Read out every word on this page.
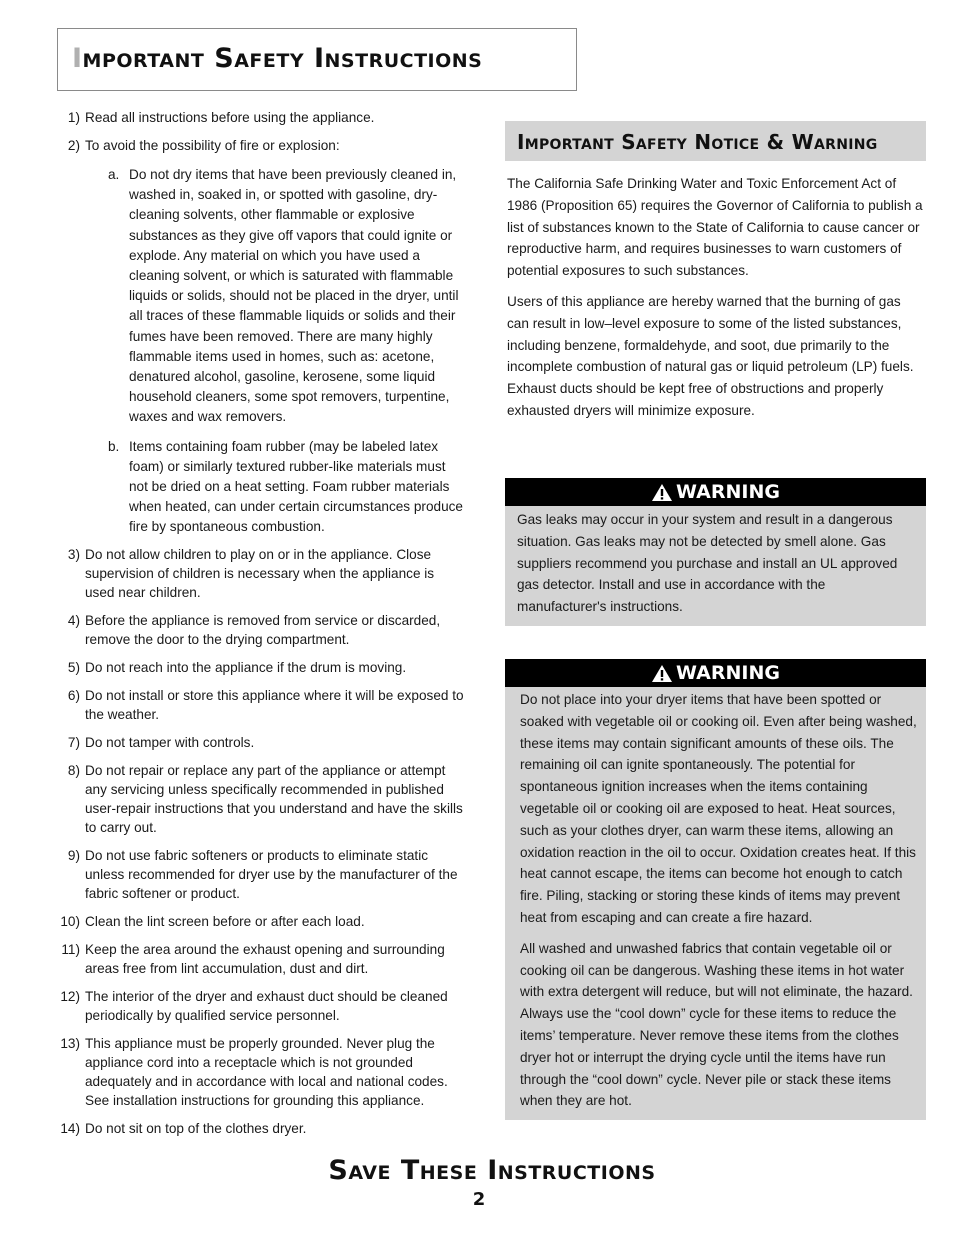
Important Safety Instructions
1) Read all instructions before using the appliance.
2) To avoid the possibility of fire or explosion:
a. Do not dry items that have been previously cleaned in, washed in, soaked in, or spotted with gasoline, dry-cleaning solvents, other flammable or explosive substances as they give off vapors that could ignite or explode. Any material on which you have used a cleaning solvent, or which is saturated with flammable liquids or solids, should not be placed in the dryer, until all traces of these flammable liquids or solids and their fumes have been removed. There are many highly flammable items used in homes, such as: acetone, denatured alcohol, gasoline, kerosene, some liquid household cleaners, some spot removers, turpentine, waxes and wax removers.
b. Items containing foam rubber (may be labeled latex foam) or similarly textured rubber-like materials must not be dried on a heat setting. Foam rubber materials when heated, can under certain circumstances produce fire by spontaneous combustion.
3) Do not allow children to play on or in the appliance. Close supervision of children is necessary when the appliance is used near children.
4) Before the appliance is removed from service or discarded, remove the door to the drying compartment.
5) Do not reach into the appliance if the drum is moving.
6) Do not install or store this appliance where it will be exposed to the weather.
7) Do not tamper with controls.
8) Do not repair or replace any part of the appliance or attempt any servicing unless specifically recommended in published user-repair instructions that you understand and have the skills to carry out.
9) Do not use fabric softeners or products to eliminate static unless recommended for dryer use by the manufacturer of the fabric softener or product.
10) Clean the lint screen before or after each load.
11) Keep the area around the exhaust opening and surrounding areas free from lint accumulation, dust and dirt.
12) The interior of the dryer and exhaust duct should be cleaned periodically by qualified service personnel.
13) This appliance must be properly grounded. Never plug the appliance cord into a receptacle which is not grounded adequately and in accordance with local and national codes. See installation instructions for grounding this appliance.
14) Do not sit on top of the clothes dryer.
Important Safety Notice & Warning

The California Safe Drinking Water and Toxic Enforcement Act of 1986 (Proposition 65) requires the Governor of California to publish a list of substances known to the State of California to cause cancer or reproductive harm, and requires businesses to warn customers of potential exposures to such substances.

Users of this appliance are hereby warned that the burning of gas can result in low–level exposure to some of the listed substances, including benzene, formaldehyde, and soot, due primarily to the incomplete combustion of natural gas or liquid petroleum (LP) fuels. Exhaust ducts should be kept free of obstructions and properly exhausted dryers will minimize exposure.

WARNING

Gas leaks may occur in your system and result in a dangerous situation. Gas leaks may not be detected by smell alone. Gas suppliers recommend you purchase and install an UL approved gas detector. Install and use in accordance with the manufacturer's instructions.

WARNING

Do not place into your dryer items that have been spotted or soaked with vegetable oil or cooking oil. Even after being washed, these items may contain significant amounts of these oils. The remaining oil can ignite spontaneously. The potential for spontaneous ignition increases when the items containing vegetable oil or cooking oil are exposed to heat. Heat sources, such as your clothes dryer, can warm these items, allowing an oxidation reaction in the oil to occur. Oxidation creates heat. If this heat cannot escape, the items can become hot enough to catch fire. Piling, stacking or storing these kinds of items may prevent heat from escaping and can create a fire hazard.

All washed and unwashed fabrics that contain vegetable oil or cooking oil can be dangerous. Washing these items in hot water with extra detergent will reduce, but will not eliminate, the hazard. Always use the “cool down” cycle for these items to reduce the items’ temperature. Never remove these items from the clothes dryer hot or interrupt the drying cycle until the items have run through the “cool down” cycle. Never pile or stack these items when they are hot.

Save These Instructions
2
